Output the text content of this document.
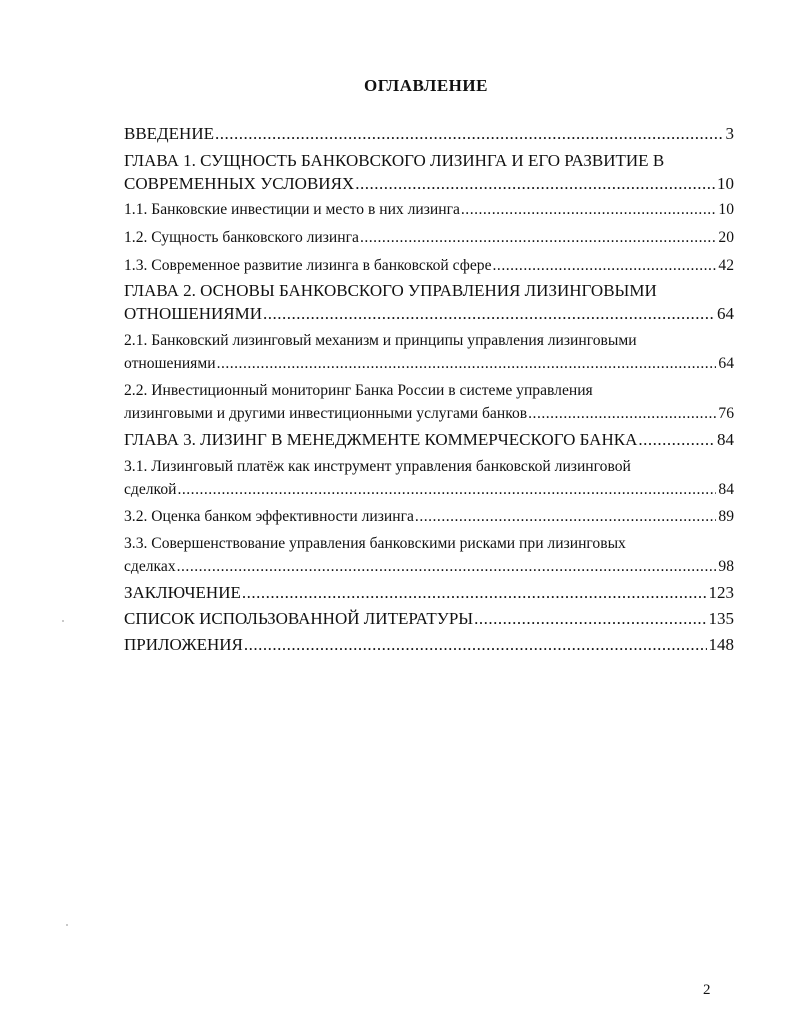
ОГЛАВЛЕНИЕ
ВВЕДЕНИЕ .....	3
ГЛАВА 1. СУЩНОСТЬ БАНКОВСКОГО ЛИЗИНГА И ЕГО РАЗВИТИЕ В
СОВРЕМЕННЫХ УСЛОВИЯХ .....	10
1.1. Банковские инвестиции и место в них лизинга .....	10
1.2. Сущность банковского лизинга .....	20
1.3. Современное развитие лизинга в банковской сфере .....	42
ГЛАВА 2. ОСНОВЫ БАНКОВСКОГО УПРАВЛЕНИЯ ЛИЗИНГОВЫМИ
ОТНОШЕНИЯМИ .....	64
2.1. Банковский лизинговый механизм и принципы управления лизинговыми
отношениями .....	64
2.2. Инвестиционный мониторинг Банка России в системе управления
лизинговыми и другими инвестиционными услугами банков .....	76
ГЛАВА 3. ЛИЗИНГ В МЕНЕДЖМЕНТЕ КОММЕРЧЕСКОГО БАНКА .....	84
3.1. Лизинговый платёж как инструмент управления банковской лизинговой
сделкой .....	84
3.2. Оценка банком эффективности лизинга .....	89
3.3. Совершенствование управления банковскими рисками при лизинговых
сделках .....	98
ЗАКЛЮЧЕНИЕ .....	123
СПИСОК ИСПОЛЬЗОВАННОЙ ЛИТЕРАТУРЫ .....	135
ПРИЛОЖЕНИЯ .....	148
2
